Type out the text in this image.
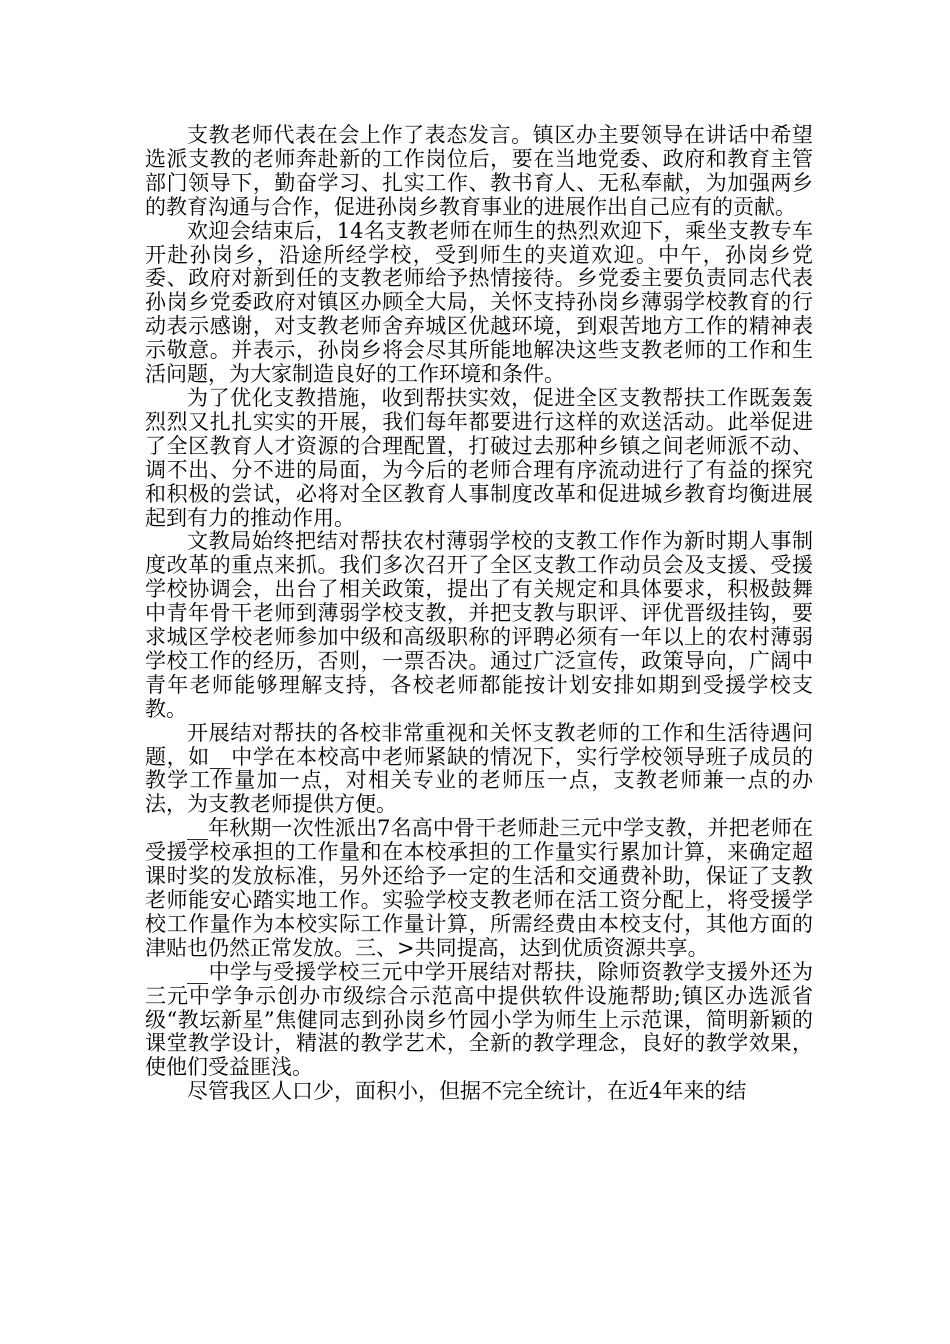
支教老师代表在会上作了表态发言。镇区办主要领导在讲话中希望选派支教的老师奔赴新的工作岗位后，要在当地党委、政府和教育主管部门领导下，勤奋学习、扎实工作、教书育人、无私奉献，为加强两乡的教育沟通与合作，促进孙岗乡教育事业的进展作出自己应有的贡献。

欢迎会结束后，14名支教老师在师生的热烈欢迎下，乘坐支教专车开赴孙岗乡，沿途所经学校，受到师生的夹道欢迎。中午，孙岗乡党委、政府对新到任的支教老师给予热情接待。乡党委主要负责同志代表孙岗乡党委政府对镇区办顾全大局，关怀支持孙岗乡薄弱学校教育的行动表示感谢，对支教老师舍弃城区优越环境，到艰苦地方工作的精神表示敬意。并表示，孙岗乡将会尽其所能地解决这些支教老师的工作和生活问题，为大家制造良好的工作环境和条件。

为了优化支教措施，收到帮扶实效，促进全区支教帮扶工作既轰轰烈烈又扎扎实实的开展，我们每年都要进行这样的欢送活动。此举促进了全区教育人才资源的合理配置，打破过去那种乡镇之间老师派不动、调不出、分不进的局面，为今后的老师合理有序流动进行了有益的探究和积极的尝试，必将对全区教育人事制度改革和促进城乡教育均衡进展起到有力的推动作用。

文教局始终把结对帮扶农村薄弱学校的支教工作作为新时期人事制度改革的重点来抓。我们多次召开了全区支教工作动员会及支援、受援学校协调会，出台了相关政策，提出了有关规定和具体要求，积极鼓舞中青年骨干老师到薄弱学校支教，并把支教与职评、评优晋级挂钩，要求城区学校老师参加中级和高级职称的评聘必须有一年以上的农村薄弱学校工作的经历，否则，一票否决。通过广泛宣传，政策导向，广阔中青年老师能够理解支持，各校老师都能按计划安排如期到受援学校支教。

开展结对帮扶的各校非常重视和关怀支教老师的工作和生活待遇问题，如__中学在本校高中老师紧缺的情况下，实行学校领导班子成员的教学工作量加一点，对相关专业的老师压一点，支教老师兼一点的办法，为支教老师提供方便。

__年秋期一次性派出7名高中骨干老师赴三元中学支教，并把老师在受援学校承担的工作量和在本校承担的工作量实行累加计算，来确定超课时奖的发放标准，另外还给予一定的生活和交通费补助，保证了支教老师能安心踏实地工作。实验学校支教老师在活工资分配上，将受援学校工作量作为本校实际工作量计算，所需经费由本校支付，其他方面的津贴也仍然正常发放。三、>共同提高，达到优质资源共享。

__中学与受援学校三元中学开展结对帮扶，除师资教学支援外还为三元中学争示创办市级综合示范高中提供软件设施帮助;镇区办选派省级“教坛新星”焦健同志到孙岗乡竹园小学为师生上示范课，简明新颖的课堂教学设计，精湛的教学艺术，全新的教学理念，良好的教学效果，使他们受益匪浅。

尽管我区人口少，面积小，但据不完全统计，在近4年来的结
